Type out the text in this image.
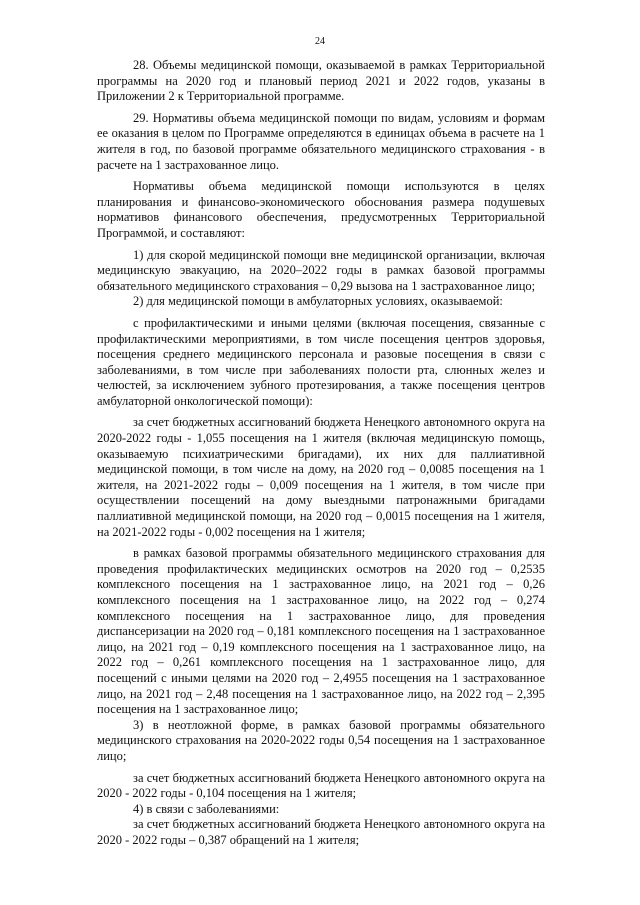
24

28. Объемы медицинской помощи, оказываемой в рамках Территориальной программы на 2020 год и плановый период 2021 и 2022 годов, указаны в Приложении 2 к Территориальной программе.

29. Нормативы объема медицинской помощи по видам, условиям и формам ее оказания в целом по Программе определяются в единицах объема в расчете на 1 жителя в год, по базовой программе обязательного медицинского страхования - в расчете на 1 застрахованное лицо.

Нормативы объема медицинской помощи используются в целях планирования и финансово-экономического обоснования размера подушевых нормативов финансового обеспечения, предусмотренных Территориальной Программой, и составляют:

1) для скорой медицинской помощи вне медицинской организации, включая медицинскую эвакуацию, на 2020–2022 годы в рамках базовой программы обязательного медицинского страхования – 0,29 вызова на 1 застрахованное лицо;

2) для медицинской помощи в амбулаторных условиях, оказываемой:

с профилактическими и иными целями (включая посещения, связанные с профилактическими мероприятиями, в том числе посещения центров здоровья, посещения среднего медицинского персонала и разовые посещения в связи с заболеваниями, в том числе при заболеваниях полости рта, слюнных желез и челюстей, за исключением зубного протезирования, а также посещения центров амбулаторной онкологической помощи):

за счет бюджетных ассигнований бюджета Ненецкого автономного округа на 2020-2022 годы - 1,055 посещения на 1 жителя (включая медицинскую помощь, оказываемую психиатрическими бригадами), их них для паллиативной медицинской помощи, в том числе на дому, на 2020 год – 0,0085 посещения на 1 жителя, на 2021-2022 годы – 0,009 посещения на 1 жителя, в том числе при осуществлении посещений на дому выездными патронажными бригадами паллиативной медицинской помощи, на 2020 год – 0,0015 посещения на 1 жителя, на 2021-2022 годы - 0,002 посещения на 1 жителя;

в рамках базовой программы обязательного медицинского страхования для проведения профилактических медицинских осмотров на 2020 год – 0,2535 комплексного посещения на 1 застрахованное лицо, на 2021 год – 0,26 комплексного посещения на 1 застрахованное лицо, на 2022 год – 0,274 комплексного посещения на 1 застрахованное лицо, для проведения диспансеризации на 2020 год – 0,181 комплексного посещения на 1 застрахованное лицо, на 2021 год – 0,19 комплексного посещения на 1 застрахованное лицо, на 2022 год – 0,261 комплексного посещения на 1 застрахованное лицо, для посещений с иными целями на 2020 год – 2,4955 посещения на 1 застрахованное лицо, на 2021 год – 2,48 посещения на 1 застрахованное лицо, на 2022 год – 2,395 посещения на 1 застрахованное лицо;

3) в неотложной форме, в рамках базовой программы обязательного медицинского страхования на 2020-2022 годы 0,54 посещения на 1 застрахованное лицо;

за счет бюджетных ассигнований бюджета Ненецкого автономного округа на 2020 - 2022 годы - 0,104 посещения на 1 жителя;

4) в связи с заболеваниями:

за счет бюджетных ассигнований бюджета Ненецкого автономного округа на 2020 - 2022 годы – 0,387 обращений на 1 жителя;
